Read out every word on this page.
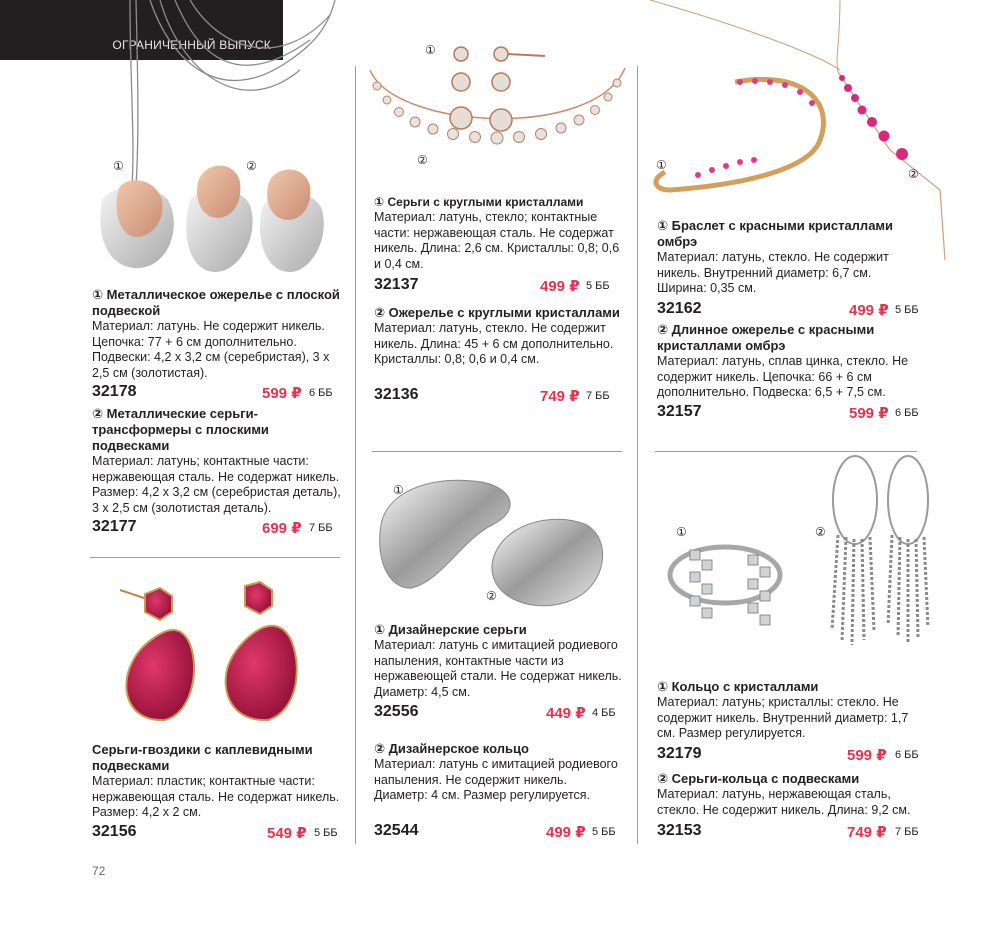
ОГРАНИЧЕННЫЙ ВЫПУСК
①	②
①
②
①
②
①
②
①	②
① Металлическое ожерелье с плоской подвеской
Материал: латунь. Не содержит никель. Цепочка: 77 + 6 см дополнительно. Подвески: 4,2 x 3,2 см (серебристая), 3 x 2,5 см (золотистая).
32178	599 ₽ 6 ББ
② Металлические серьги-трансформеры с плоскими подвесками
Материал: латунь; контактные части: нержавеющая сталь. Не содержат никель. Размер: 4,2 x 3,2 см (серебристая деталь), 3 x 2,5 см (золотистая деталь).
32177	699 ₽ 7 ББ
Серьги-гвоздики с каплевидными подвесками
Материал: пластик; контактные части: нержавеющая сталь. Не содержат никель. Размер: 4,2 x 2 см.
32156	549 ₽ 5 ББ
① Серьги с круглыми кристаллами
Материал: латунь, стекло; контактные части: нержавеющая сталь. Не содержат никель. Длина: 2,6 см. Кристаллы: 0,8; 0,6 и 0,4 см.
32137	499 ₽ 5 ББ
② Ожерелье с круглыми кристаллами
Материал: латунь, стекло. Не содержит никель. Длина: 45 + 6 см дополнительно. Кристаллы: 0,8; 0,6 и 0,4 см.
32136	749 ₽ 7 ББ
① Дизайнерские серьги
Материал: латунь с имитацией родиевого напыления, контактные части из нержавеющей стали. Не содержат никель. Диаметр: 4,5 см.
32556	449 ₽ 4 ББ
② Дизайнерское кольцо
Материал: латунь с имитацией родиевого напыления. Не содержит никель. Диаметр: 4 см. Размер регулируется.
32544	499 ₽ 5 ББ
① Браслет с красными кристаллами омбрэ
Материал: латунь, стекло. Не содержит никель. Внутренний диаметр: 6,7 см. Ширина: 0,35 см.
32162	499 ₽ 5 ББ
② Длинное ожерелье с красными кристаллами омбрэ
Материал: латунь, сплав цинка, стекло. Не содержит никель. Цепочка: 66 + 6 см дополнительно. Подвеска: 6,5 + 7,5 см.
32157	599 ₽ 6 ББ
① Кольцо с кристаллами
Материал: латунь; кристаллы: стекло. Не содержит никель. Внутренний диаметр: 1,7 см. Размер регулируется.
32179	599 ₽ 6 ББ
② Серьги-кольца с подвесками
Материал: латунь, нержавеющая сталь, стекло. Не содержит никель. Длина: 9,2 см.
32153	749 ₽ 7 ББ
72
